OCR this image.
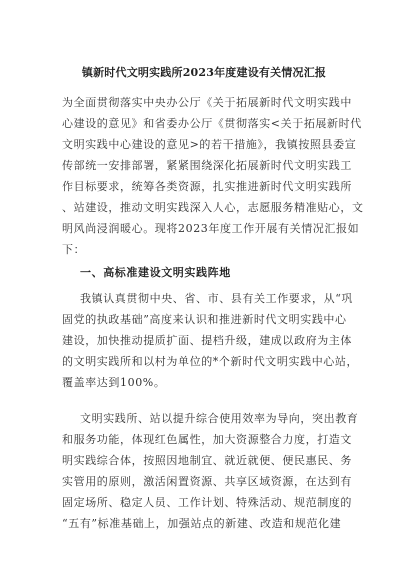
镇新时代文明实践所2023年度建设有关情况汇报
为全面贯彻落实中央办公厅《关于拓展新时代文明实践中
心建设的意见》和省委办公厅《贯彻落实<关于拓展新时代
文明实践中心建设的意见>的若干措施》，我镇按照县委宣
传部统一安排部署，紧紧围绕深化拓展新时代文明实践工
作目标要求，统筹各类资源，扎实推进新时代文明实践所
、站建设，推动文明实践深入人心，志愿服务精准贴心，文
明风尚浸润暖心。现将2023年度工作开展有关情况汇报如
下：
一、高标准建设文明实践阵地
我镇认真贯彻中央、省、市、县有关工作要求，从“巩
固党的执政基础”高度来认识和推进新时代文明实践中心
建设，加快推动提质扩面、提档升级，建成以政府为主体
的文明实践所和以村为单位的*个新时代文明实践中心站，
覆盖率达到100%。
文明实践所、站以提升综合使用效率为导向，突出教育
和服务功能，体现红色属性，加大资源整合力度，打造文
明实践综合体，按照因地制宜、就近就便、便民惠民、务
实管用的原则，激活闲置资源、共享区域资源，在达到有
固定场所、稳定人员、工作计划、特殊活动、规范制度的
“五有”标准基础上，加强站点的新建、改造和规范化建
